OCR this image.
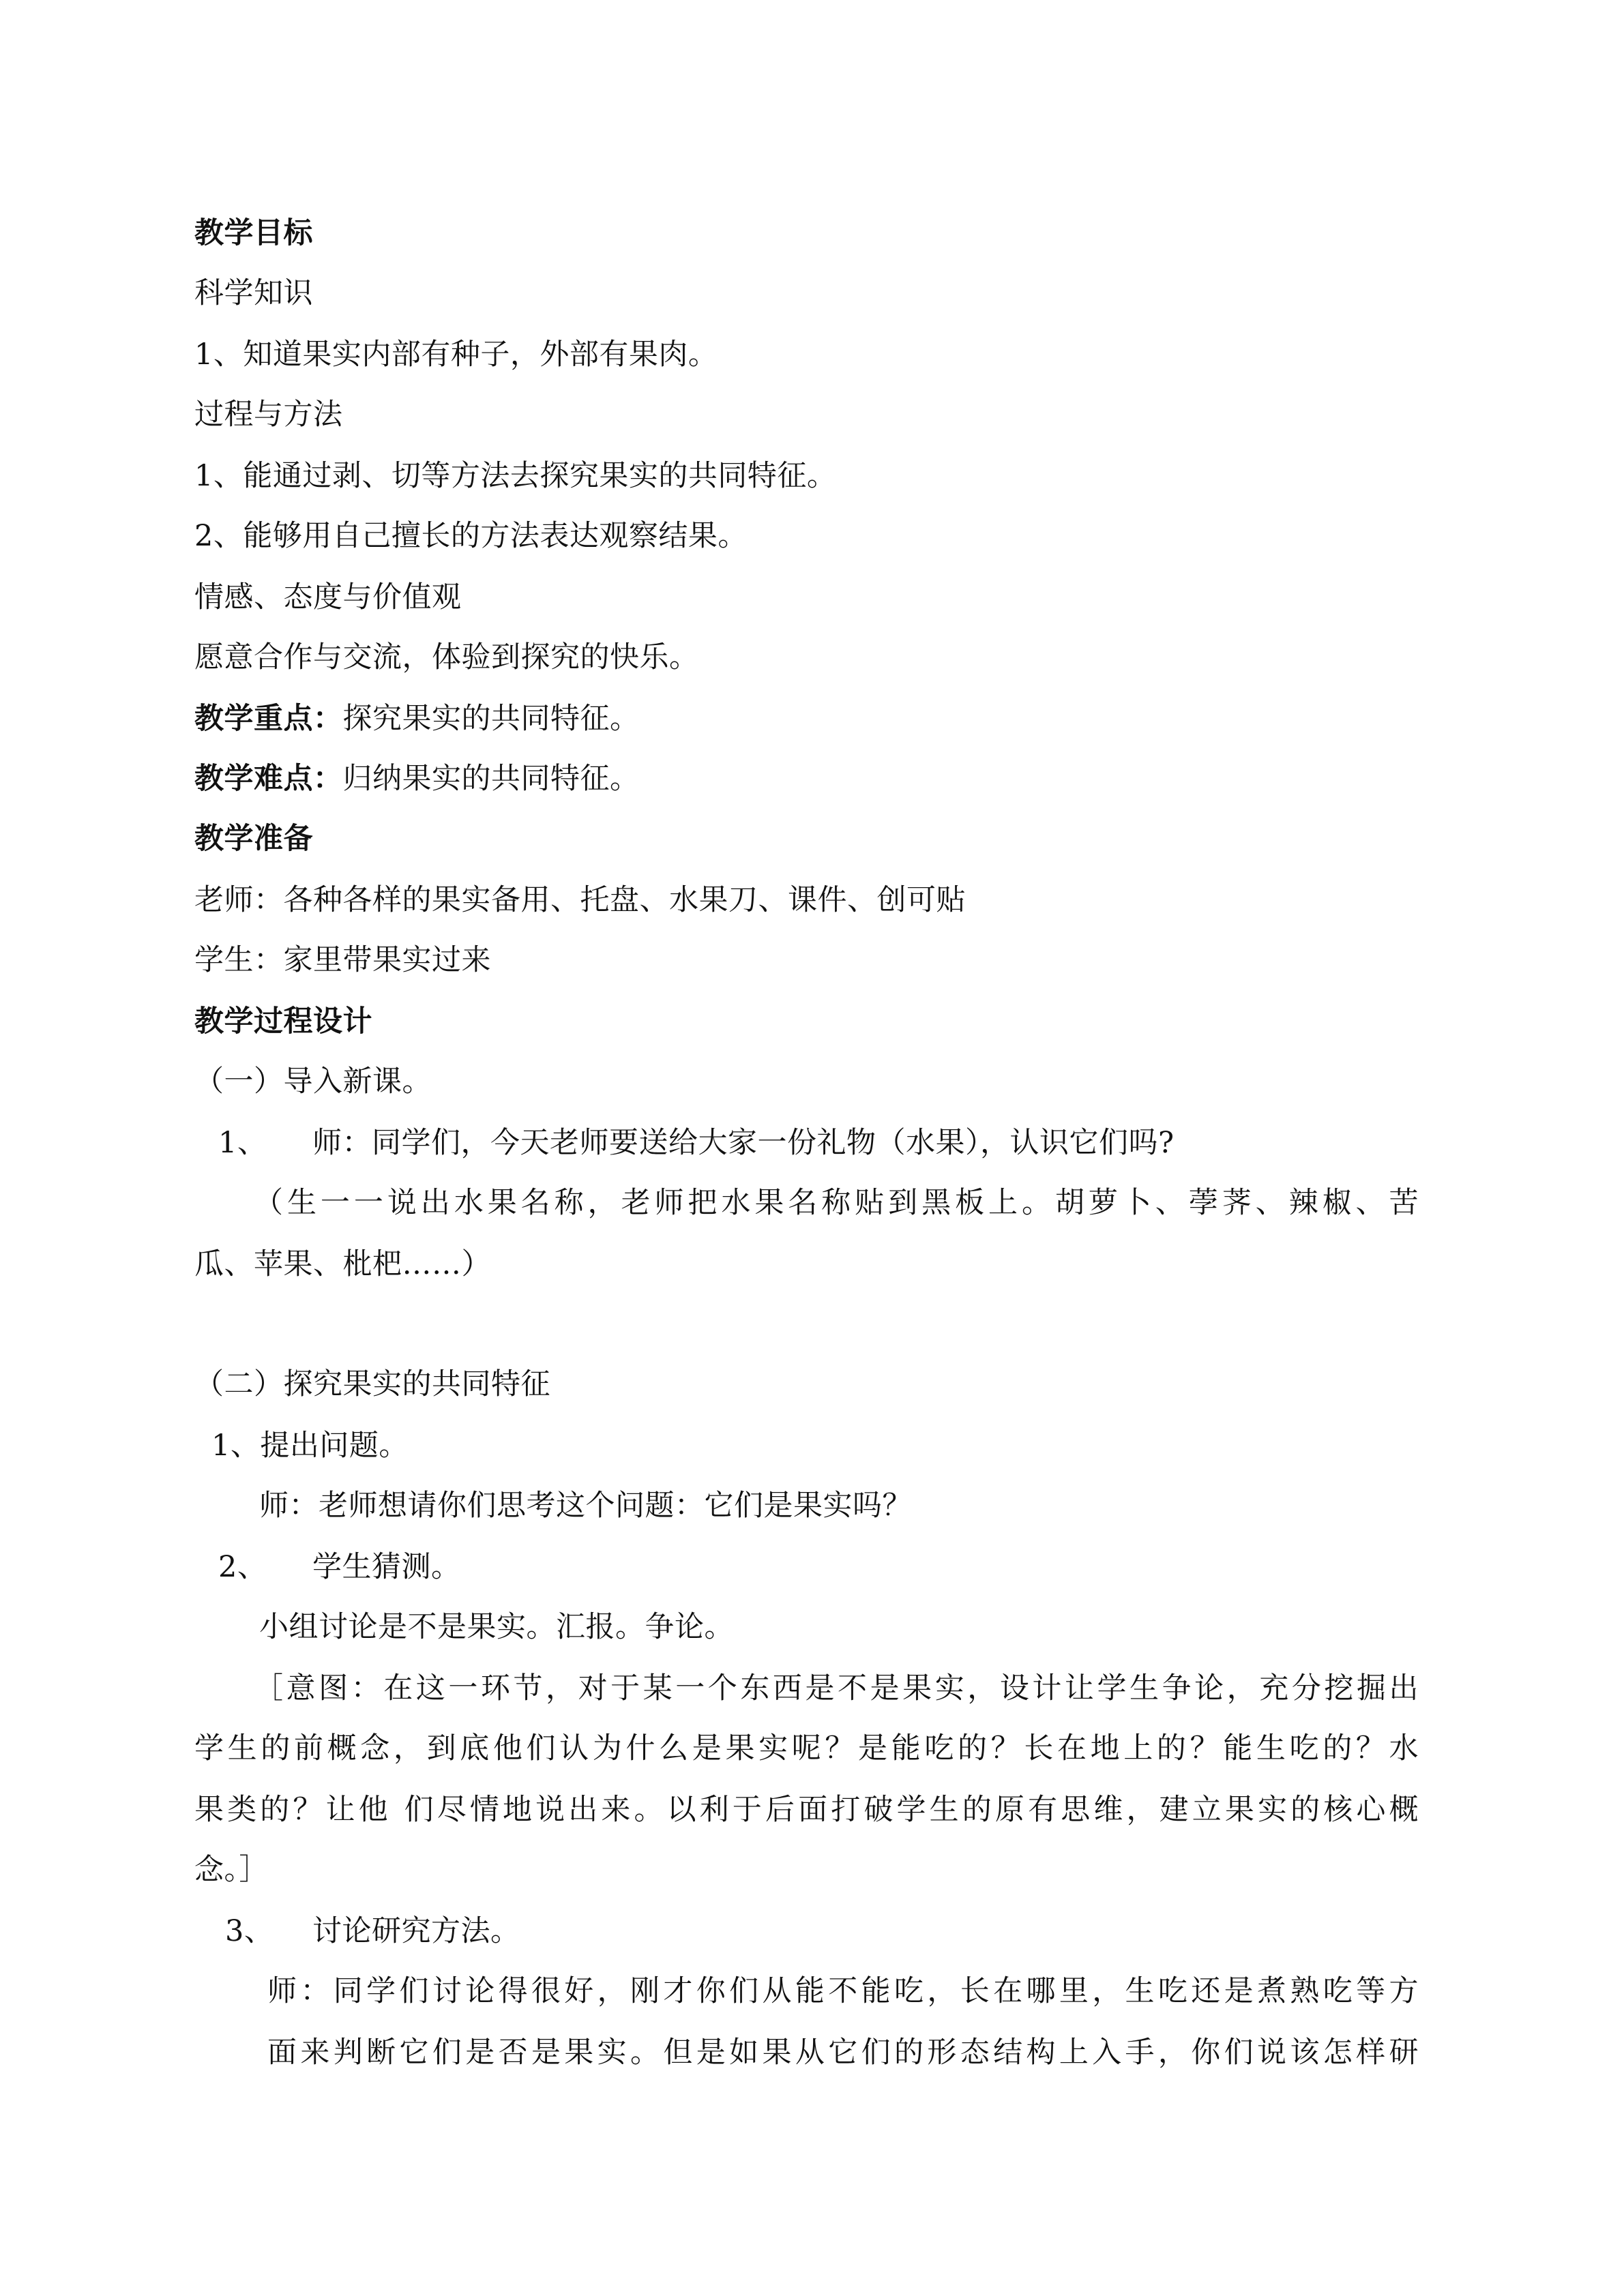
教学目标
科学知识
1、知道果实内部有种子，外部有果肉。
过程与方法
1、能通过剥、切等方法去探究果实的共同特征。
2、能够用自己擅长的方法表达观察结果。
情感、态度与价值观
愿意合作与交流，体验到探究的快乐。
教学重点：探究果实的共同特征。
教学难点：归纳果实的共同特征。
教学准备
老师：各种各样的果实备用、托盘、水果刀、课件、创可贴
学生：家里带果实过来
教学过程设计
（一）导入新课。
1、 师：同学们，今天老师要送给大家一份礼物（水果），认识它们吗?
（生一一说出水果名称，老师把水果名称贴到黑板上。胡萝卜、荸荠、辣椒、苦
瓜、苹果、枇杷……）
（二）探究果实的共同特征
1、提出问题。
师：老师想请你们思考这个问题：它们是果实吗？
2、 学生猜测。
小组讨论是不是果实。汇报。争论。
［意图：在这一环节，对于某一个东西是不是果实，设计让学生争论，充分挖掘出
学生的前概念，到底他们认为什么是果实呢？是能吃的？长在地上的？能生吃的？水
果类的？让他 们尽情地说出来。以利于后面打破学生的原有思维，建立果实的核心概
念。］
3、 讨论研究方法。
师：同学们讨论得很好，刚才你们从能不能吃，长在哪里，生吃还是煮熟吃等方
面来判断它们是否是果实。但是如果从它们的形态结构上入手，你们说该怎样研
